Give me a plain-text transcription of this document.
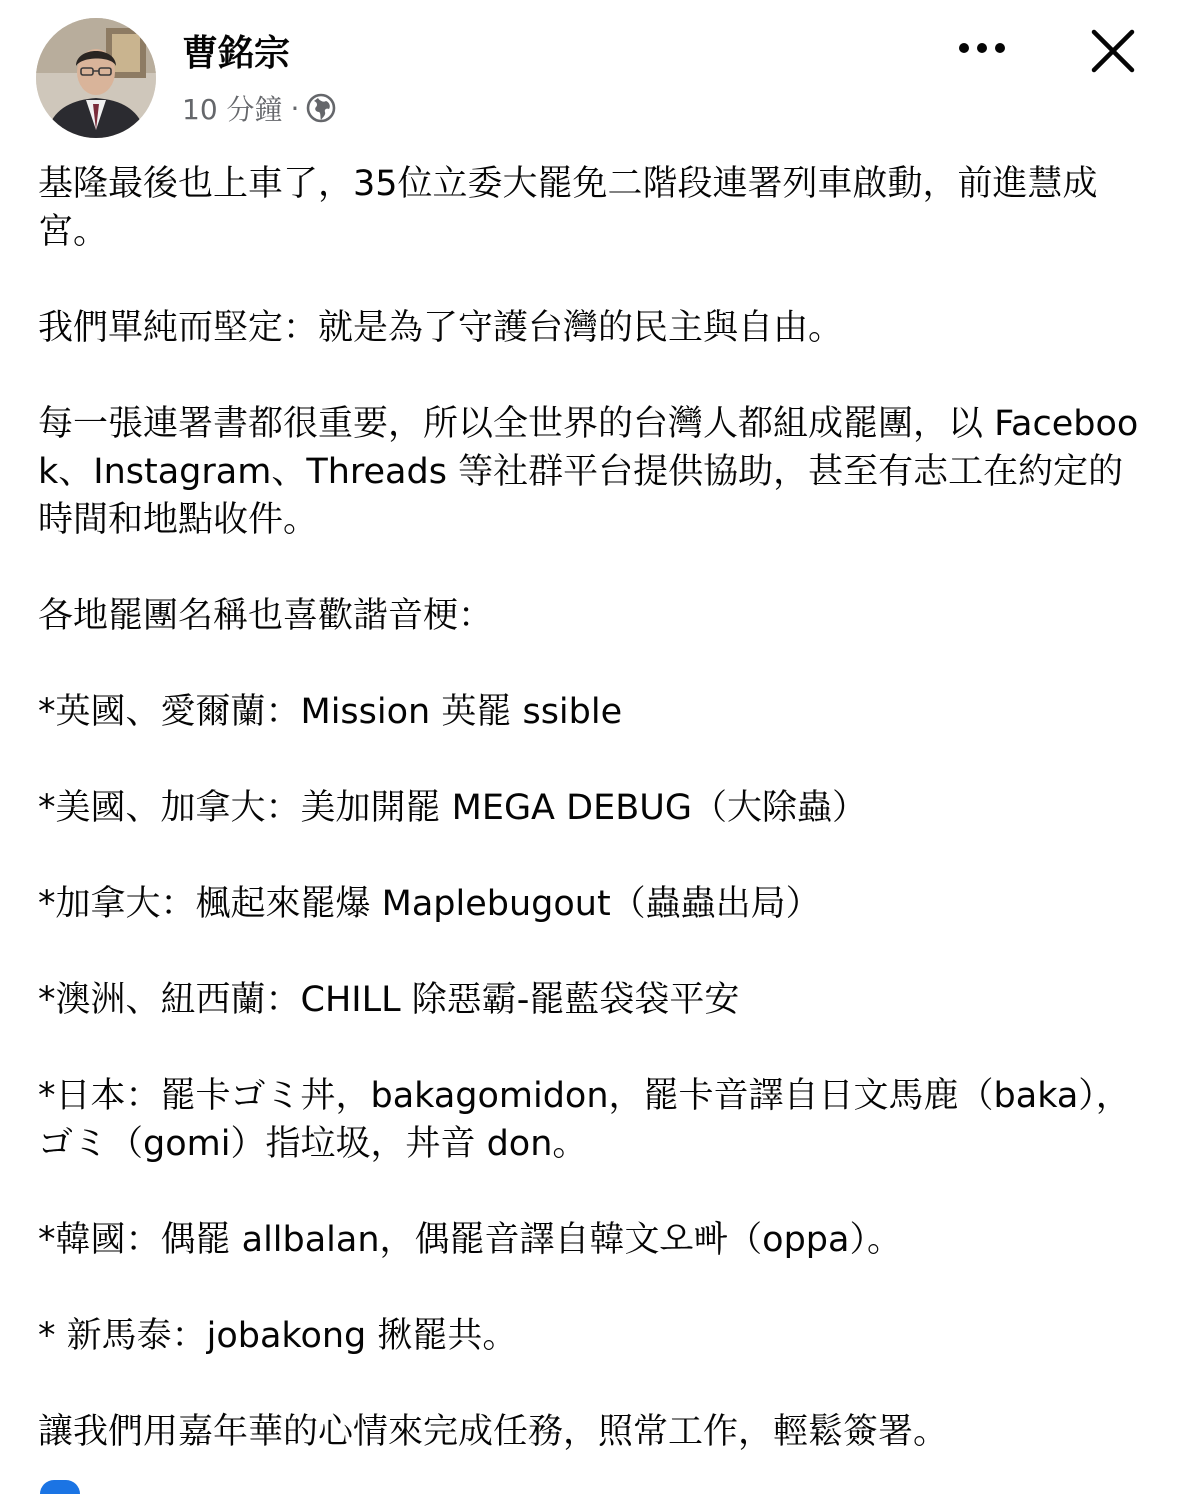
曹銘宗
10 分鐘 ·

基隆最後也上車了，35位立委大罷免二階段連署列車啟動，前進慧成宮。

我們單純而堅定：就是為了守護台灣的民主與自由。

每一張連署書都很重要，所以全世界的台灣人都組成罷團，以 Facebook、Instagram、Threads 等社群平台提供協助，甚至有志工在約定的時間和地點收件。

各地罷團名稱也喜歡諧音梗：

*英國、愛爾蘭：Mission 英罷 ssible

*美國、加拿大：美加開罷 MEGA DEBUG（大除蟲）

*加拿大：楓起來罷爆 Maplebugout（蟲蟲出局）

*澳洲、紐西蘭：CHILL 除惡霸-罷藍袋袋平安

*日本：罷卡ゴミ丼，bakagomidon，罷卡音譯自日文馬鹿（baka），ゴミ（gomi）指垃圾，丼音 don。

*韓國：偶罷 allbalan，偶罷音譯自韓文오빠（oppa）。

* 新馬泰：jobakong 揪罷共。

讓我們用嘉年華的心情來完成任務，照常工作，輕鬆簽署。
